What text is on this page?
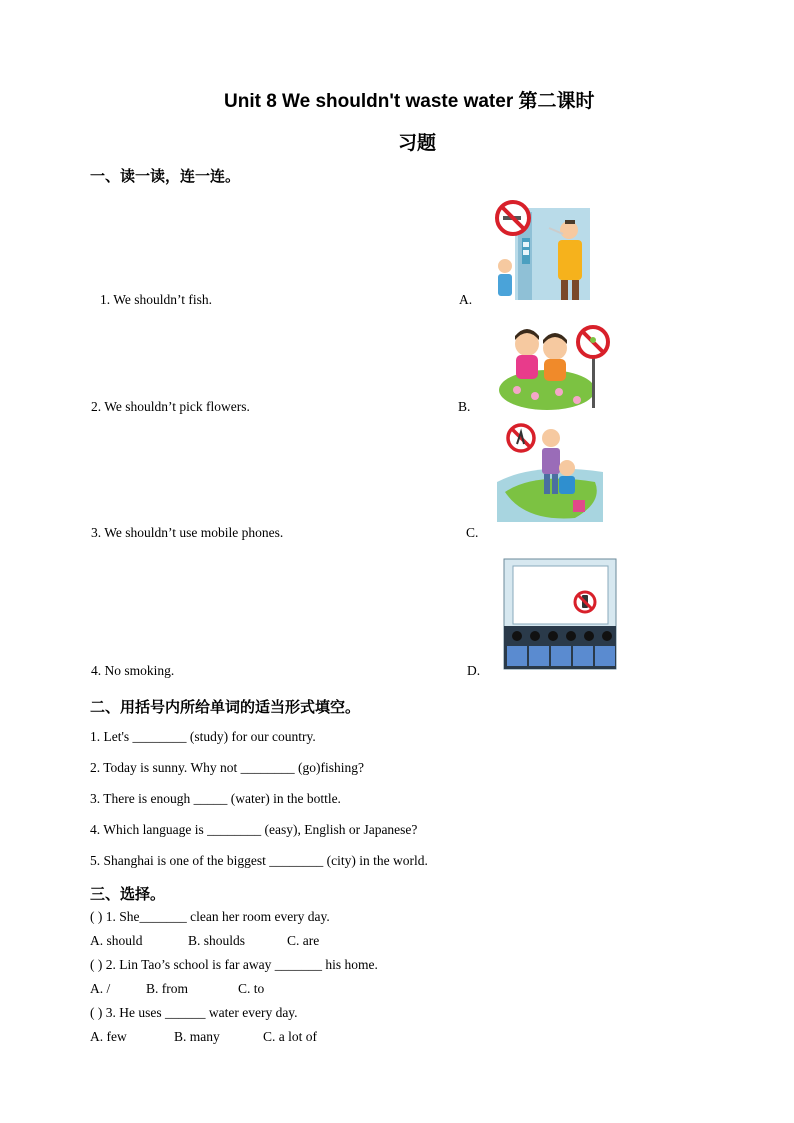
Unit 8 We shouldn't waste water 第二课时
习题
一、读一读，连一连。
1. We shouldn’t fish.	A.
2. We shouldn’t pick flowers.	B.
3. We shouldn’t use mobile phones.	C.
4. No smoking.	D.
二、用括号内所给单词的适当形式填空。
1. Let's ________ (study) for our country.
2. Today is sunny. Why not ________ (go)fishing?
3. There is enough _____ (water) in the bottle.
4. Which language is ________ (easy), English or Japanese?
5. Shanghai is one of the biggest ________ (city) in the world.
三、选择。
( ) 1. She_______ clean her room every day.
A. should	B. shoulds	C. are
( ) 2. Lin Tao’s school is far away _______ his home.
A. /	B. from	C. to
( ) 3. He uses ______ water every day.
A. few	B. many	C. a lot of
